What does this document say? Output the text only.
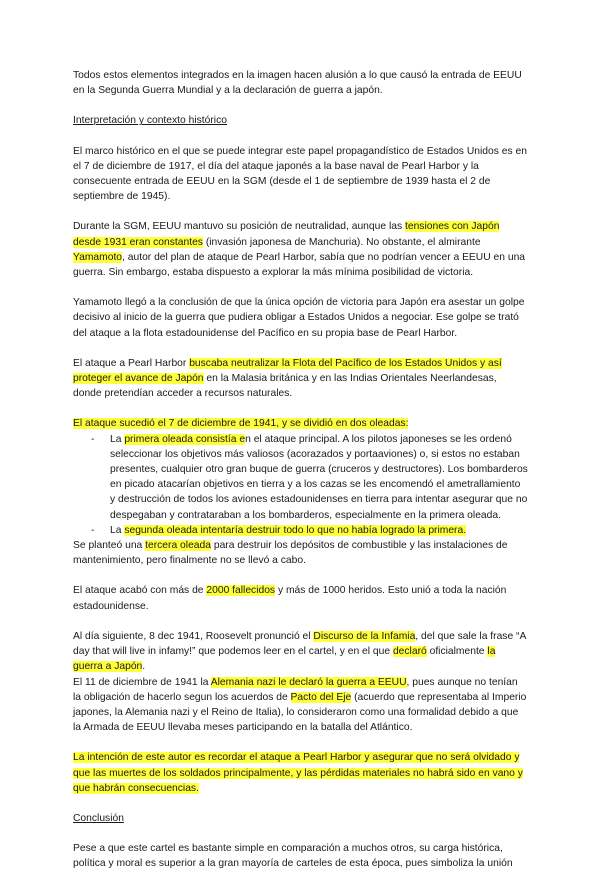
Todos estos elementos integrados en la imagen hacen alusión a lo que causó la entrada de EEUU en la Segunda Guerra Mundial y a la declaración de guerra a japón.

Interpretación y contexto histórico

El marco histórico en el que se puede integrar este papel propagandístico de Estados Unidos es en el 7 de diciembre de 1917, el día del ataque japonés a la base naval de Pearl Harbor y la consecuente entrada de EEUU en la SGM (desde el 1 de septiembre de 1939 hasta el 2 de septiembre de 1945).

Durante la SGM, EEUU mantuvo su posición de neutralidad, aunque las tensiones con Japón desde 1931 eran constantes (invasión japonesa de Manchuria). No obstante, el almirante Yamamoto, autor del plan de ataque de Pearl Harbor, sabía que no podrían vencer a EEUU en una guerra. Sin embargo, estaba dispuesto a explorar la más mínima posibilidad de victoria.

Yamamoto llegó a la conclusión de que la única opción de victoria para Japón era asestar un golpe decisivo al inicio de la guerra que pudiera obligar a Estados Unidos a negociar. Ese golpe se trató del ataque a la flota estadounidense del Pacífico en su propia base de Pearl Harbor.

El ataque a Pearl Harbor buscaba neutralizar la Flota del Pacífico de los Estados Unidos y así proteger el avance de Japón en la Malasia británica y en las Indias Orientales Neerlandesas, donde pretendían acceder a recursos naturales.

El ataque sucedió el 7 de diciembre de 1941, y se dividió en dos oleadas:

- La primera oleada consistía en el ataque principal. A los pilotos japoneses se les ordenó seleccionar los objetivos más valiosos (acorazados y portaaviones) o, si estos no estaban presentes, cualquier otro gran buque de guerra (cruceros y destructores). Los bombarderos en picado atacarían objetivos en tierra y a los cazas se les encomendó el ametrallamiento y destrucción de todos los aviones estadounidenses en tierra para intentar asegurar que no despegaban y contrataraban a los bombarderos, especialmente en la primera oleada.
- La segunda oleada intentaría destruir todo lo que no había logrado la primera.

Se planteó una tercera oleada para destruir los depósitos de combustible y las instalaciones de mantenimiento, pero finalmente no se llevó a cabo.

El ataque acabó con más de 2000 fallecidos y más de 1000 heridos. Esto unió a toda la nación estadounidense.

Al día siguiente, 8 dec 1941, Roosevelt pronunció el Discurso de la Infamia, del que sale la frase “A day that will live in infamy!” que podemos leer en el cartel, y en el que declaró oficialmente la guerra a Japón.

El 11 de diciembre de 1941 la Alemania nazi le declaró la guerra a EEUU, pues aunque no tenían la obligación de hacerlo segun los acuerdos de Pacto del Eje (acuerdo que representaba al Imperio japones, la Alemania nazi y el Reino de Italia), lo consideraron como una formalidad debido a que la Armada de EEUU llevaba meses participando en la batalla del Atlántico.

La intención de este autor es recordar el ataque a Pearl Harbor y asegurar que no será olvidado y que las muertes de los soldados principalmente, y las pérdidas materiales no habrá sido en vano y que habrán consecuencias.

Conclusión

Pese a que este cartel es bastante simple en comparación a muchos otros, su carga histórica, política y moral es superior a la gran mayoría de carteles de esta época, pues simboliza la unión
